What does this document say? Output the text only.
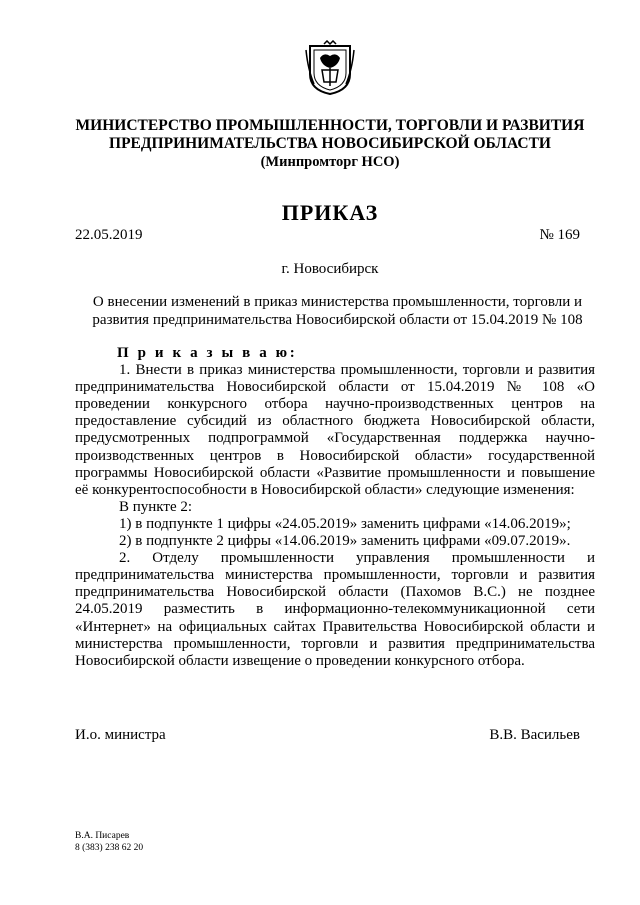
МИНИСТЕРСТВО ПРОМЫШЛЕННОСТИ, ТОРГОВЛИ И РАЗВИТИЯ
ПРЕДПРИНИМАТЕЛЬСТВА НОВОСИБИРСКОЙ ОБЛАСТИ
(Минпромторг НСО)
ПРИКАЗ
22.05.2019	№ 169
г. Новосибирск
О внесении изменений в приказ министерства промышленности, торговли и
развития предпринимательства Новосибирской области от 15.04.2019 № 108

П р и к а з ы в а ю:

1. Внести в приказ министерства промышленности, торговли и развития предпринимательства Новосибирской области от 15.04.2019 № 108 «О проведении конкурсного отбора научно-производственных центров на предоставление субсидий из областного бюджета Новосибирской области, предусмотренных подпрограммой «Государственная поддержка научно-производственных центров в Новосибирской области» государственной программы Новосибирской области «Развитие промышленности и повышение её конкурентоспособности в Новосибирской области» следующие изменения:

В пункте 2:

1) в подпункте 1 цифры «24.05.2019» заменить цифрами «14.06.2019»;

2) в подпункте 2 цифры «14.06.2019» заменить цифрами «09.07.2019».

2. Отделу промышленности управления промышленности и предпринимательства министерства промышленности, торговли и развития предпринимательства Новосибирской области (Пахомов В.С.) не позднее 24.05.2019 разместить в информационно-телекоммуникационной сети «Интернет» на официальных сайтах Правительства Новосибирской области и министерства промышленности, торговли и развития предпринимательства Новосибирской области извещение о проведении конкурсного отбора.

И.о. министра	В.В. Васильев
В.А. Писарев
8 (383) 238 62 20
